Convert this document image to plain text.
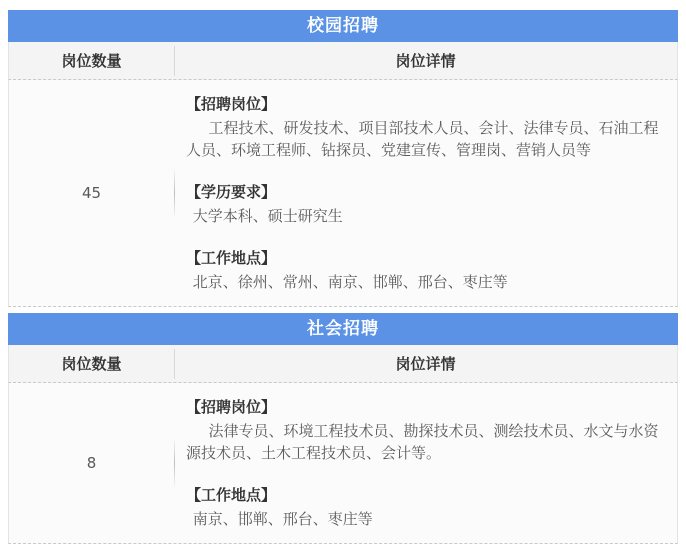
校园招聘
岗位数量	岗位详情
45

【招聘岗位】

工程技术、研发技术、项目部技术人员、会计、法律专员、石油工程人员、环境工程师、钻探员、党建宣传、管理岗、营销人员等

【学历要求】

大学本科、硕士研究生

【工作地点】

北京、徐州、常州、南京、邯郸、邢台、枣庄等

社会招聘
岗位数量	岗位详情
8

【招聘岗位】

法律专员、环境工程技术员、勘探技术员、测绘技术员、水文与水资源技术员、土木工程技术员、会计等。

【工作地点】

南京、邯郸、邢台、枣庄等
